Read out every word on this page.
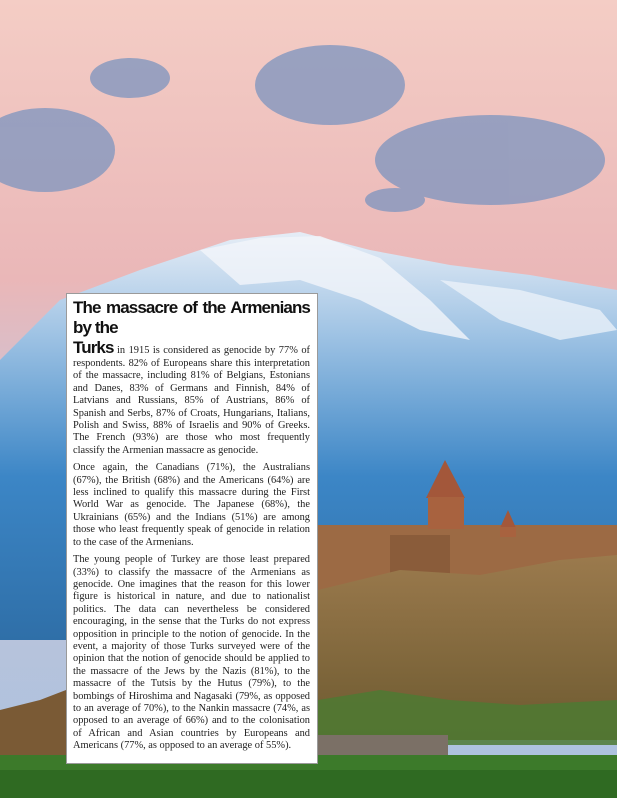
The massacre of the Armenians by the
Turks in 1915 is considered as genocide by 77% of respondents. 82% of Europeans share this interpretation of the massacre, including 81% of Belgians, Estonians and Danes, 83% of Germans and Finnish, 84% of Latvians and Russians, 85% of Austrians, 86% of Spanish and Serbs, 87% of Croats, Hungarians, Italians, Polish and Swiss, 88% of Israelis and 90% of Greeks. The French (93%) are those who most frequently classify the Armenian massacre as genocide.

Once again, the Canadians (71%), the Australians (67%), the British (68%) and the Americans (64%) are less inclined to qualify this massacre during the First World War as genocide. The Japanese (68%), the Ukrainians (65%) and the Indians (51%) are among those who least frequently speak of genocide in relation to the case of the Armenians.

The young people of Turkey are those least prepared (33%) to classify the massacre of the Armenians as genocide. One imagines that the reason for this lower figure is historical in nature, and due to nationalist politics. The data can nevertheless be considered encouraging, in the sense that the Turks do not express opposition in principle to the notion of genocide. In the event, a majority of those Turks surveyed were of the opinion that the notion of genocide should be applied to the massacre of the Jews by the Nazis (81%), to the massacre of the Tutsis by the Hutus (79%), to the bombings of Hiroshima and Nagasaki (79%, as opposed to an average of 70%), to the Nankin massacre (74%, as opposed to an average of 66%) and to the colonisation of African and Asian countries by Europeans and Americans (77%, as opposed to an average of 55%).
